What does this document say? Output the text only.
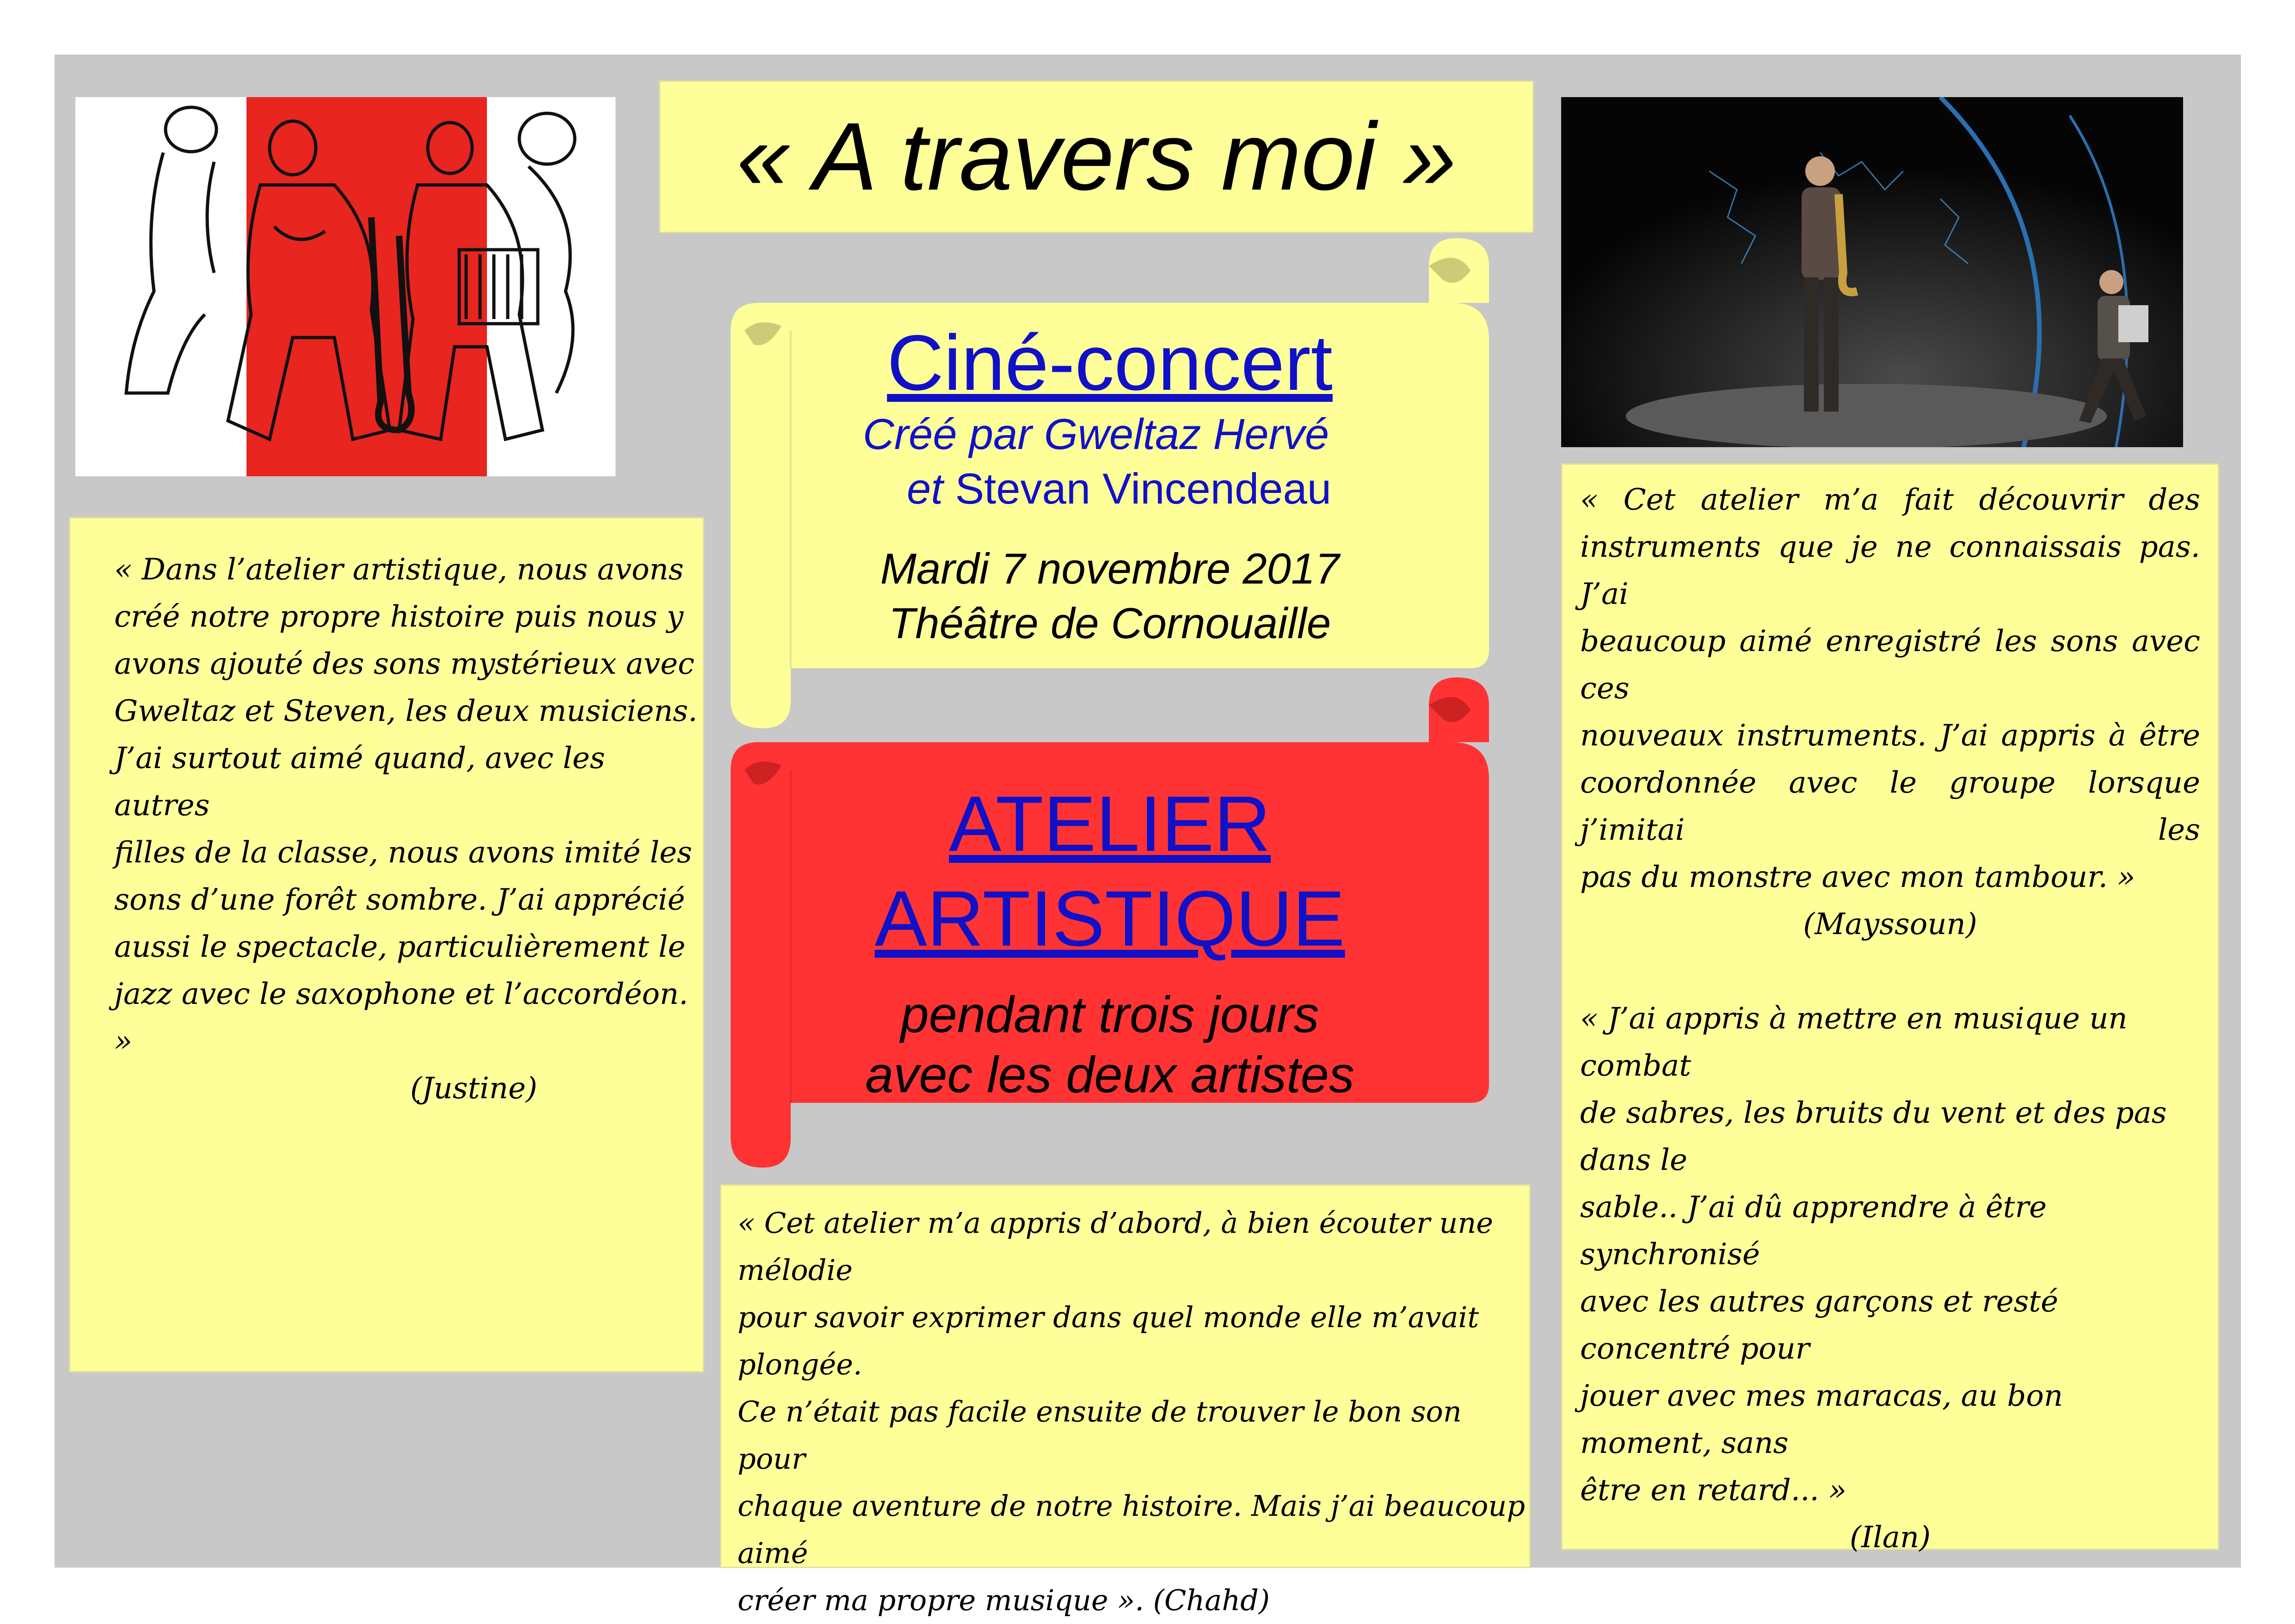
« A travers moi »

« Dans l’atelier artistique, nous avons

créé notre propre histoire puis nous y

avons ajouté des sons mystérieux avec

Gweltaz et Steven, les deux musiciens.

J’ai surtout aimé quand, avec les autres

filles de la classe, nous avons imité les

sons d’une forêt sombre. J’ai apprécié

aussi le spectacle, particulièrement le

jazz avec le saxophone et l’accordéon. »

(Justine)

Ciné-concert
Créé par Gweltaz Hervé
et Stevan Vincendeau
Mardi 7 novembre 2017
Théâtre de Cornouaille
ATELIER
ARTISTIQUE
pendant trois jours
avec les deux artistes

« Cet atelier m’a appris d’abord, à bien écouter une mélodie

pour savoir exprimer dans quel monde elle m’avait plongée.

Ce n’était pas facile ensuite de trouver le bon son pour

chaque aventure de notre histoire. Mais j’ai beaucoup aimé

créer ma propre musique ». (Chahd)

« Cet atelier m’a fait découvrir des

instruments que je ne connaissais pas. J’ai

beaucoup aimé enregistré les sons avec ces

nouveaux instruments. J’ai appris à être

coordonnée avec le groupe lorsque j’imitai les

pas du monstre avec mon tambour. »

(Mayssoun)

« J’ai appris à mettre en musique un combat

de sabres, les bruits du vent et des pas dans le

sable.. J’ai dû apprendre à être synchronisé

avec les autres garçons et resté concentré pour

jouer avec mes maracas, au bon moment, sans

être en retard... »

(Ilan)
